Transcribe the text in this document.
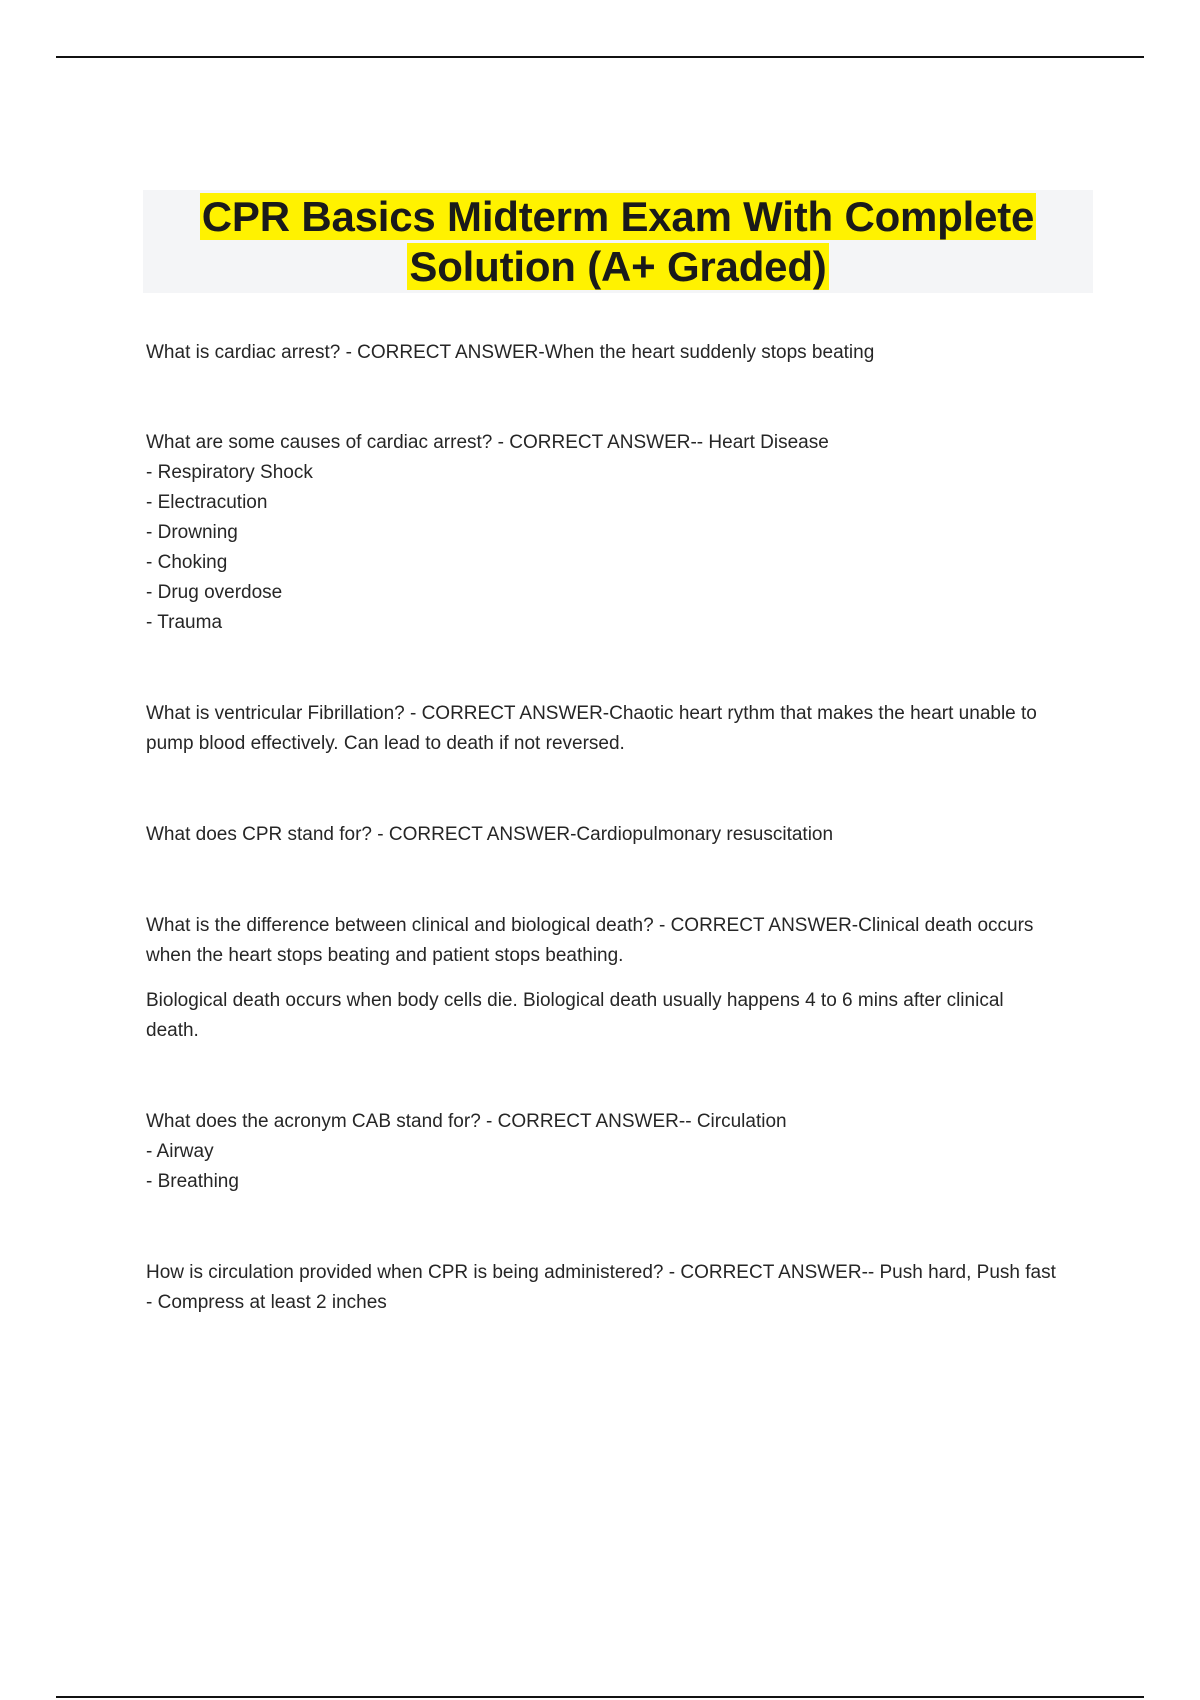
CPR Basics Midterm Exam With Complete
Solution (A+ Graded)

What is cardiac arrest? - CORRECT ANSWER-When the heart suddenly stops beating

What are some causes of cardiac arrest? - CORRECT ANSWER-- Heart Disease

- Respiratory Shock

- Electracution

- Drowning

- Choking

- Drug overdose

- Trauma

What is ventricular Fibrillation? - CORRECT ANSWER-Chaotic heart rythm that makes the heart unable to

pump blood effectively. Can lead to death if not reversed.

What does CPR stand for? - CORRECT ANSWER-Cardiopulmonary resuscitation

What is the difference between clinical and biological death? - CORRECT ANSWER-Clinical death occurs

when the heart stops beating and patient stops beathing.

Biological death occurs when body cells die. Biological death usually happens 4 to 6 mins after clinical

death.

What does the acronym CAB stand for? - CORRECT ANSWER-- Circulation

- Airway

- Breathing

How is circulation provided when CPR is being administered? - CORRECT ANSWER-- Push hard, Push fast

- Compress at least 2 inches
